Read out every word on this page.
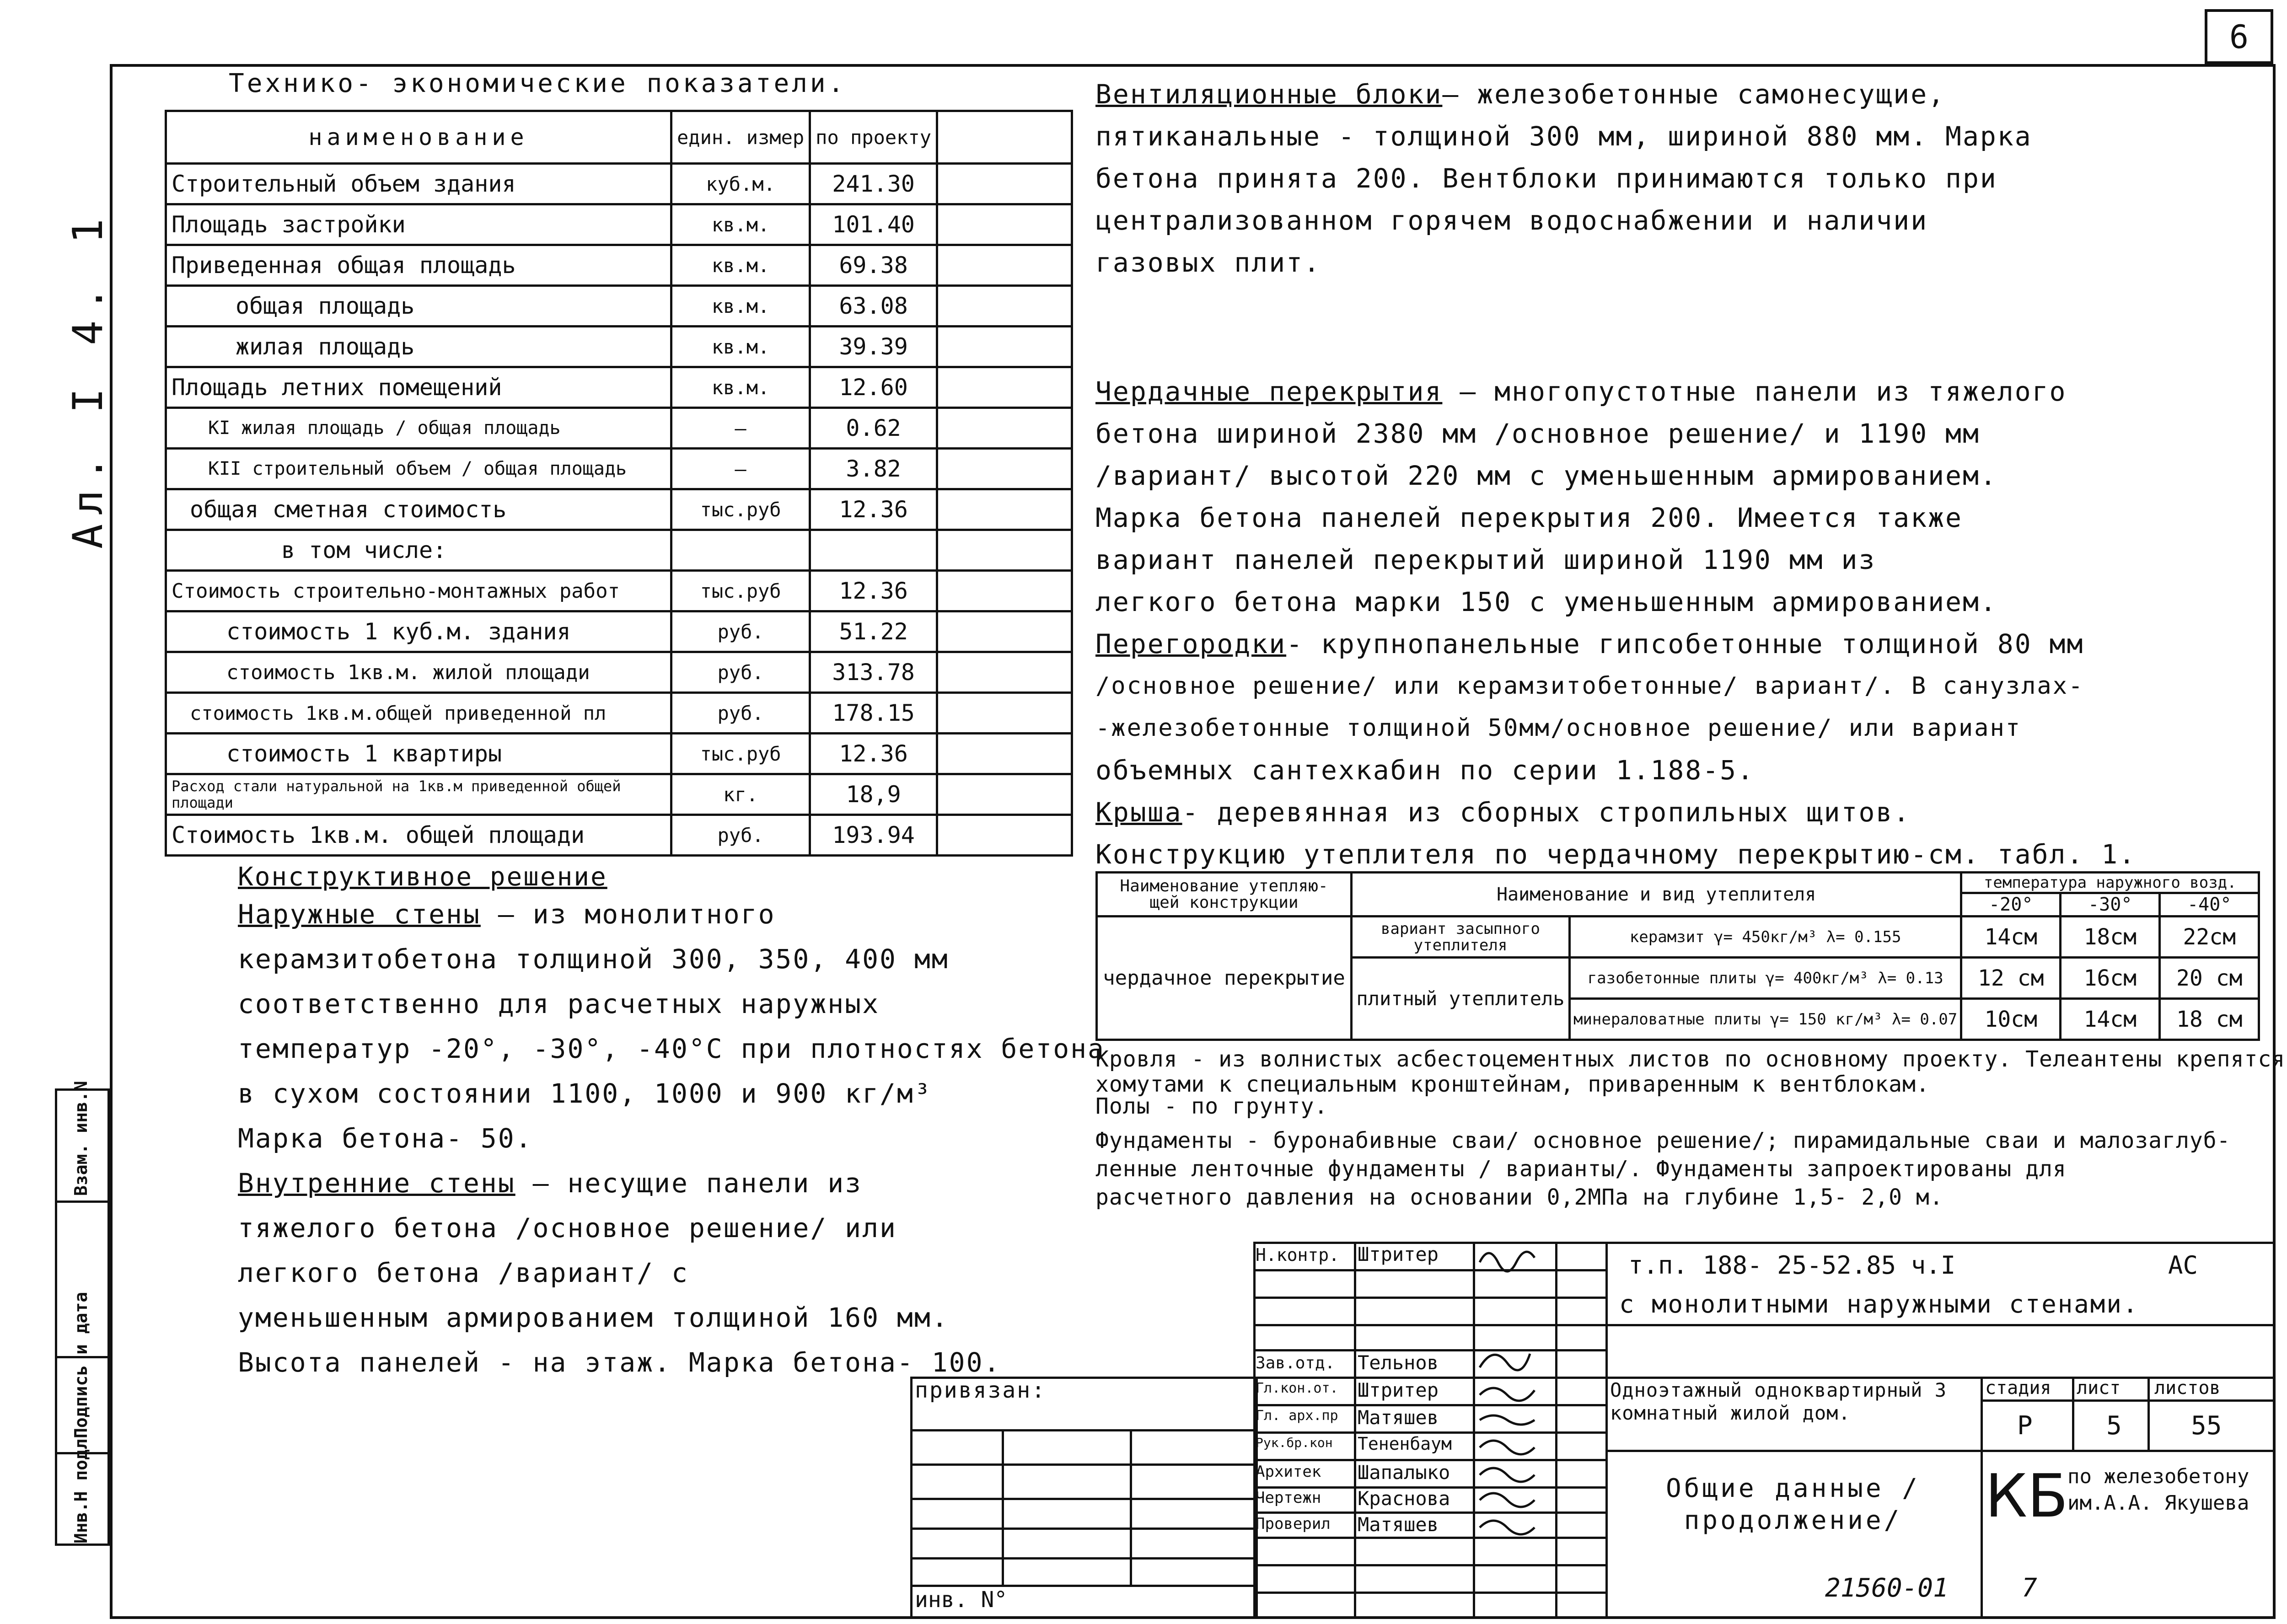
6
Ал. I 4. 1
Инв.Н подл
Подпись и дата
Взам. инв.N
Технико- экономические показатели.
наименование	един. измер	по проекту	
Строительный объем здания	куб.м.	241.30	
Площадь застройки	кв.м.	101.40	
Приведенная общая площадь	кв.м.	69.38	
общая площадь	кв.м.	63.08	
жилая площадь	кв.м.	39.39	
Площадь летних помещений	кв.м.	12.60	
KI жилая площадь / общая площадь	—	0.62	
KII строительный объем / общая площадь	—	3.82	
общая сметная стоимость	тыс.руб	12.36	
в том числе:			
Стоимость строительно-монтажных работ	тыс.руб	12.36	
стоимость 1 куб.м. здания	руб.	51.22	
стоимость 1кв.м. жилой площади	руб.	313.78	
стоимость 1кв.м.общей приведенной пл	руб.	178.15	
стоимость 1 квартиры	тыс.руб	12.36	
Расход стали натуральной на 1кв.м приведенной общей площади	кг.	18,9	
Стоимость 1кв.м. общей площади	руб.	193.94	
Конструктивное решение
Наружные стены — из монолитного
керамзитобетона толщиной 300, 350, 400 мм
соответственно для расчетных наружных
температур -20°, -30°, -40°С при плотностях бетона
в сухом состоянии 1100, 1000 и 900 кг/м³
Марка бетона- 50.
Внутренние стены — несущие панели из
тяжелого бетона /основное решение/ или
легкого бетона /вариант/ с
уменьшенным армированием толщиной 160 мм.
Высота панелей - на этаж. Марка бетона- 100.
Вентиляционные блоки— железобетонные самонесущие,
пятиканальные - толщиной 300 мм, шириной 880 мм. Марка
бетона принята 200. Вентблоки принимаются только при
централизованном горячем водоснабжении и наличии
газовых плит.
Чердачные перекрытия — многопустотные панели из тяжелого
бетона шириной 2380 мм /основное решение/ и 1190 мм
/вариант/ высотой 220 мм с уменьшенным армированием.
Марка бетона панелей перекрытия 200. Имеется также
вариант панелей перекрытий шириной 1190 мм из
легкого бетона марки 150 с уменьшенным армированием.
Перегородки- крупнопанельные гипсобетонные толщиной 80 мм
/основное решение/ или керамзитобетонные/ вариант/. В санузлах-
-железобетонные толщиной 50мм/основное решение/ или вариант
объемных сантехкабин по серии 1.188-5.
Крыша- деревянная из сборных стропильных щитов.
Конструкцию утеплителя по чердачному перекрытию-см. табл. 1.
Наименование утепляю- щей конструкции	Наименование и вид утеплителя		температура наружного возд.		
			-20°	-30°	-40°
чердачное перекрытие	вариант засыпного утеплителя	керамзит γ= 450кг/м³ λ= 0.155	14см	18см	22см
	плитный утеплитель	газобетонные плиты γ= 400кг/м³ λ= 0.13	12 см	16см	20 см
		минераловатные плиты γ= 150 кг/м³ λ= 0.07	10см	14см	18 см
Кровля - из волнистых асбестоцементных листов по основному проекту. Телеантены крепятся
хомутами к специальным кронштейнам, приваренным к вентблокам.
Полы - по грунту.
Фундаменты - буронабивные сваи/ основное решение/; пирамидальные сваи и малозаглуб-
ленные ленточные фундаменты / варианты/. Фундаменты запроектированы для
расчетного давления на основании 0,2МПа на глубине 1,5- 2,0 м.
привязан:
инв. N°
Н.контр. Штритер
Зав.отд. Тельнов
Гл.кон.от. Штритер
Гл. арх.пр Матяшев
Рук.бр.кон Тененбаум
Архитек Шапалыко
Чертежн Краснова
Проверил Матяшев
т.п. 188- 25-52.85 ч.I	АС
с монолитными наружными стенами.
Одноэтажный одноквартирный 3 комнатный жилой дом.
стадия лист листов
Р	5	55
Общие данные /продолжение/	КБ
по железобетону им.А.А. Якушева
21560-01	7
